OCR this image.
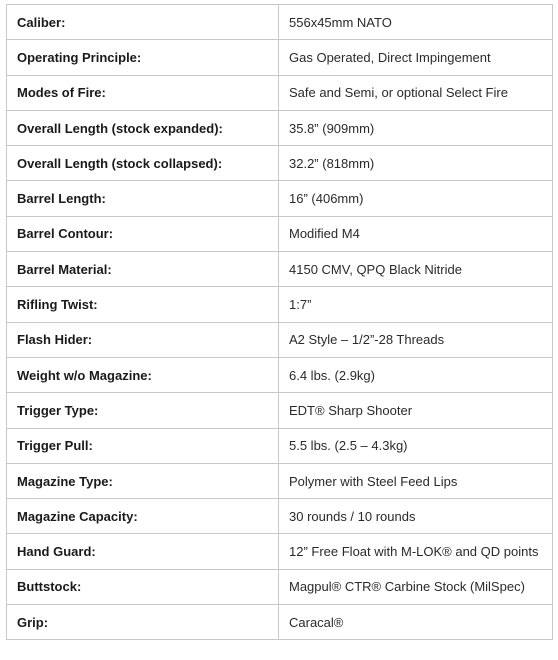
Caliber:	556x45mm NATO
Operating Principle:	Gas Operated, Direct Impingement
Modes of Fire:	Safe and Semi, or optional Select Fire
Overall Length (stock expanded):	35.8” (909mm)
Overall Length (stock collapsed):	32.2” (818mm)
Barrel Length:	16” (406mm)
Barrel Contour:	Modified M4
Barrel Material:	4150 CMV, QPQ Black Nitride
Rifling Twist:	1:7”
Flash Hider:	A2 Style – 1/2”-28 Threads
Weight w/o Magazine:	6.4 lbs. (2.9kg)
Trigger Type:	EDT® Sharp Shooter
Trigger Pull:	5.5 lbs. (2.5 – 4.3kg)
Magazine Type:	Polymer with Steel Feed Lips
Magazine Capacity:	30 rounds / 10 rounds
Hand Guard:	12” Free Float with M-LOK® and QD points
Buttstock:	Magpul® CTR® Carbine Stock (MilSpec)
Grip:	Caracal®
